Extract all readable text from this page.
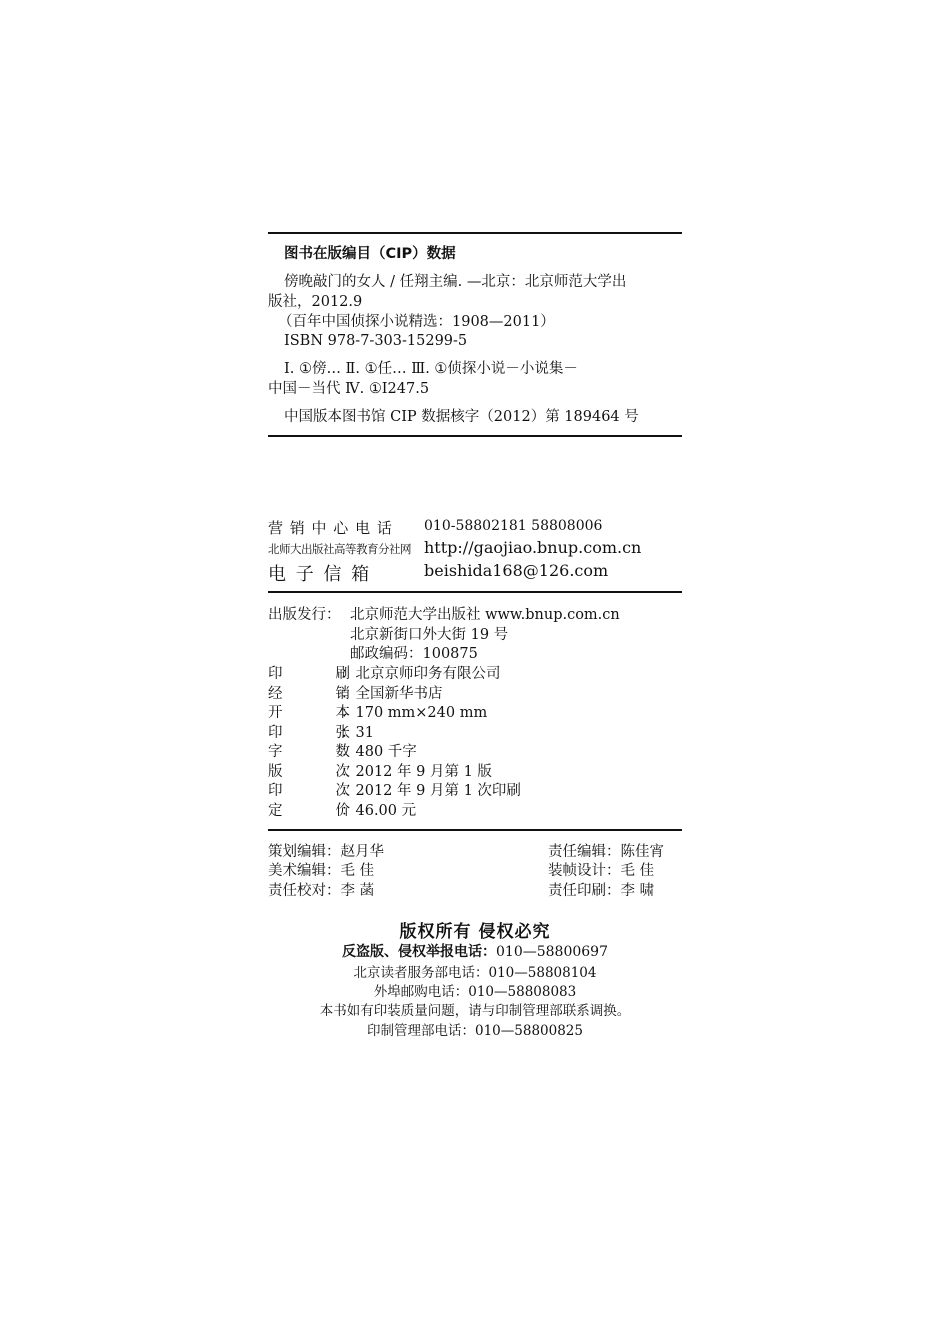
图书在版编目（CIP）数据
傍晚敲门的女人 / 任翔主编. —北京：北京师范大学出
版社，2012.9
（百年中国侦探小说精选：1908—2011）
ISBN 978-7-303-15299-5
Ⅰ. ①傍… Ⅱ. ①任… Ⅲ. ①侦探小说－小说集－
中国－当代 Ⅳ. ①I247.5
中国版本图书馆 CIP 数据核字（2012）第 189464 号
营 销 中 心 电 话 010-58802181 58808006
北师大出版社高等教育分社网 http://gaojiao.bnup.com.cn
电 子 信 箱	beishida168@126.com
出版发行： 北京师范大学出版社 www.bnup.com.cn
北京新街口外大街 19 号
邮政编码：100875
印刷
：北京京师印务有限公司
经销
：全国新华书店
开本
：170 mm×240 mm
印张
：31
字数
：480 千字
版次
：2012 年 9 月第 1 版
印次
：2012 年 9 月第 1 次印刷
定价
：46.00 元
策划编辑：赵月华
美术编辑：毛 佳
责任校对：李 菡
责任编辑：陈佳宵
装帧设计：毛 佳
责任印刷：李 啸
版权所有 侵权必究
反盗版、侵权举报电话：010—58800697
北京读者服务部电话：010—58808104
外埠邮购电话：010—58808083
本书如有印装质量问题，请与印制管理部联系调换。
印制管理部电话：010—58800825
